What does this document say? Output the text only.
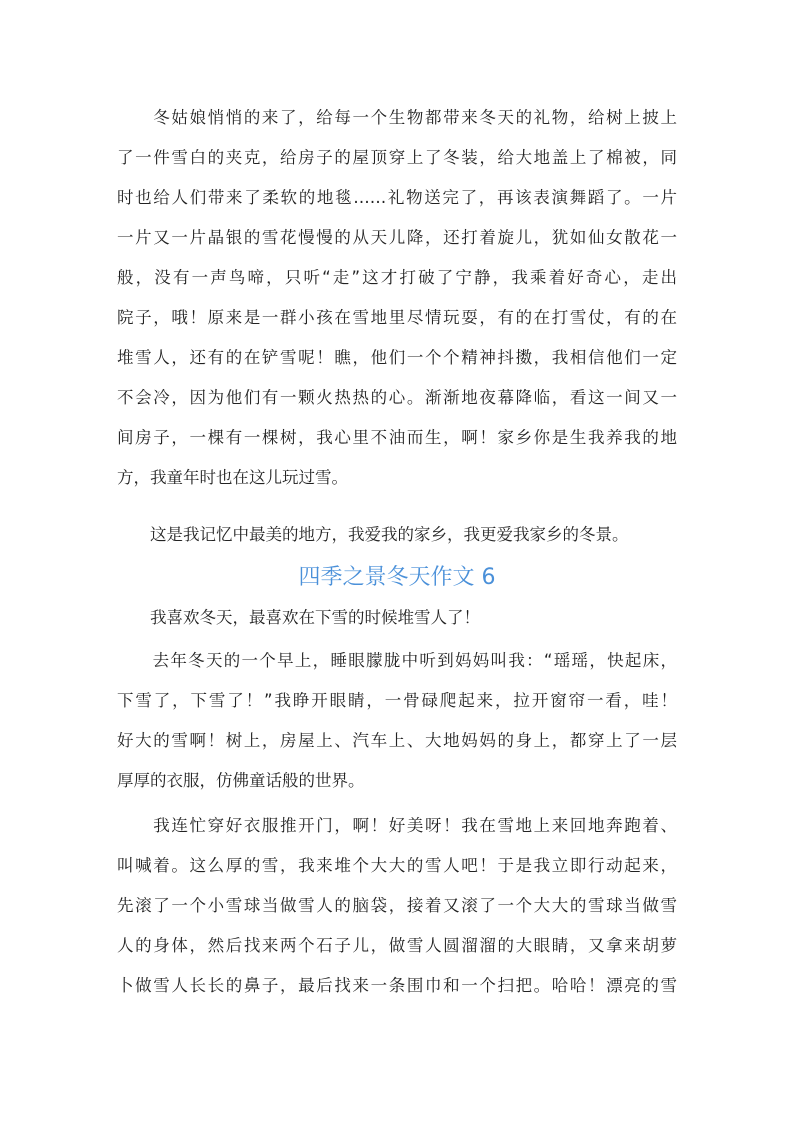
　　冬姑娘悄悄的来了，给每一个生物都带来冬天的礼物，给树上披上
了一件雪白的夹克，给房子的屋顶穿上了冬装，给大地盖上了棉被，同
时也给人们带来了柔软的地毯……礼物送完了，再该表演舞蹈了。一片
一片又一片晶银的雪花慢慢的从天儿降，还打着旋儿，犹如仙女散花一
般，没有一声鸟啼，只听“走”这才打破了宁静，我乘着好奇心，走出
院子，哦！原来是一群小孩在雪地里尽情玩耍，有的在打雪仗，有的在
堆雪人，还有的在铲雪呢！瞧，他们一个个精神抖擞，我相信他们一定
不会冷，因为他们有一颗火热热的心。渐渐地夜幕降临，看这一间又一
间房子，一棵有一棵树，我心里不油而生，啊！家乡你是生我养我的地
方，我童年时也在这儿玩过雪。
　　这是我记忆中最美的地方，我爱我的家乡，我更爱我家乡的冬景。
四季之景冬天作文 6
　　我喜欢冬天，最喜欢在下雪的时候堆雪人了！
　　去年冬天的一个早上，睡眼朦胧中听到妈妈叫我：“瑶瑶，快起床，
下雪了，下雪了！”我睁开眼睛，一骨碌爬起来，拉开窗帘一看，哇！
好大的雪啊！树上，房屋上、汽车上、大地妈妈的身上，都穿上了一层
厚厚的衣服，仿佛童话般的世界。
　　我连忙穿好衣服推开门，啊！好美呀！我在雪地上来回地奔跑着、
叫喊着。这么厚的雪，我来堆个大大的雪人吧！于是我立即行动起来，
先滚了一个小雪球当做雪人的脑袋，接着又滚了一个大大的雪球当做雪
人的身体，然后找来两个石子儿，做雪人圆溜溜的大眼睛，又拿来胡萝
卜做雪人长长的鼻子，最后找来一条围巾和一个扫把。哈哈！漂亮的雪
